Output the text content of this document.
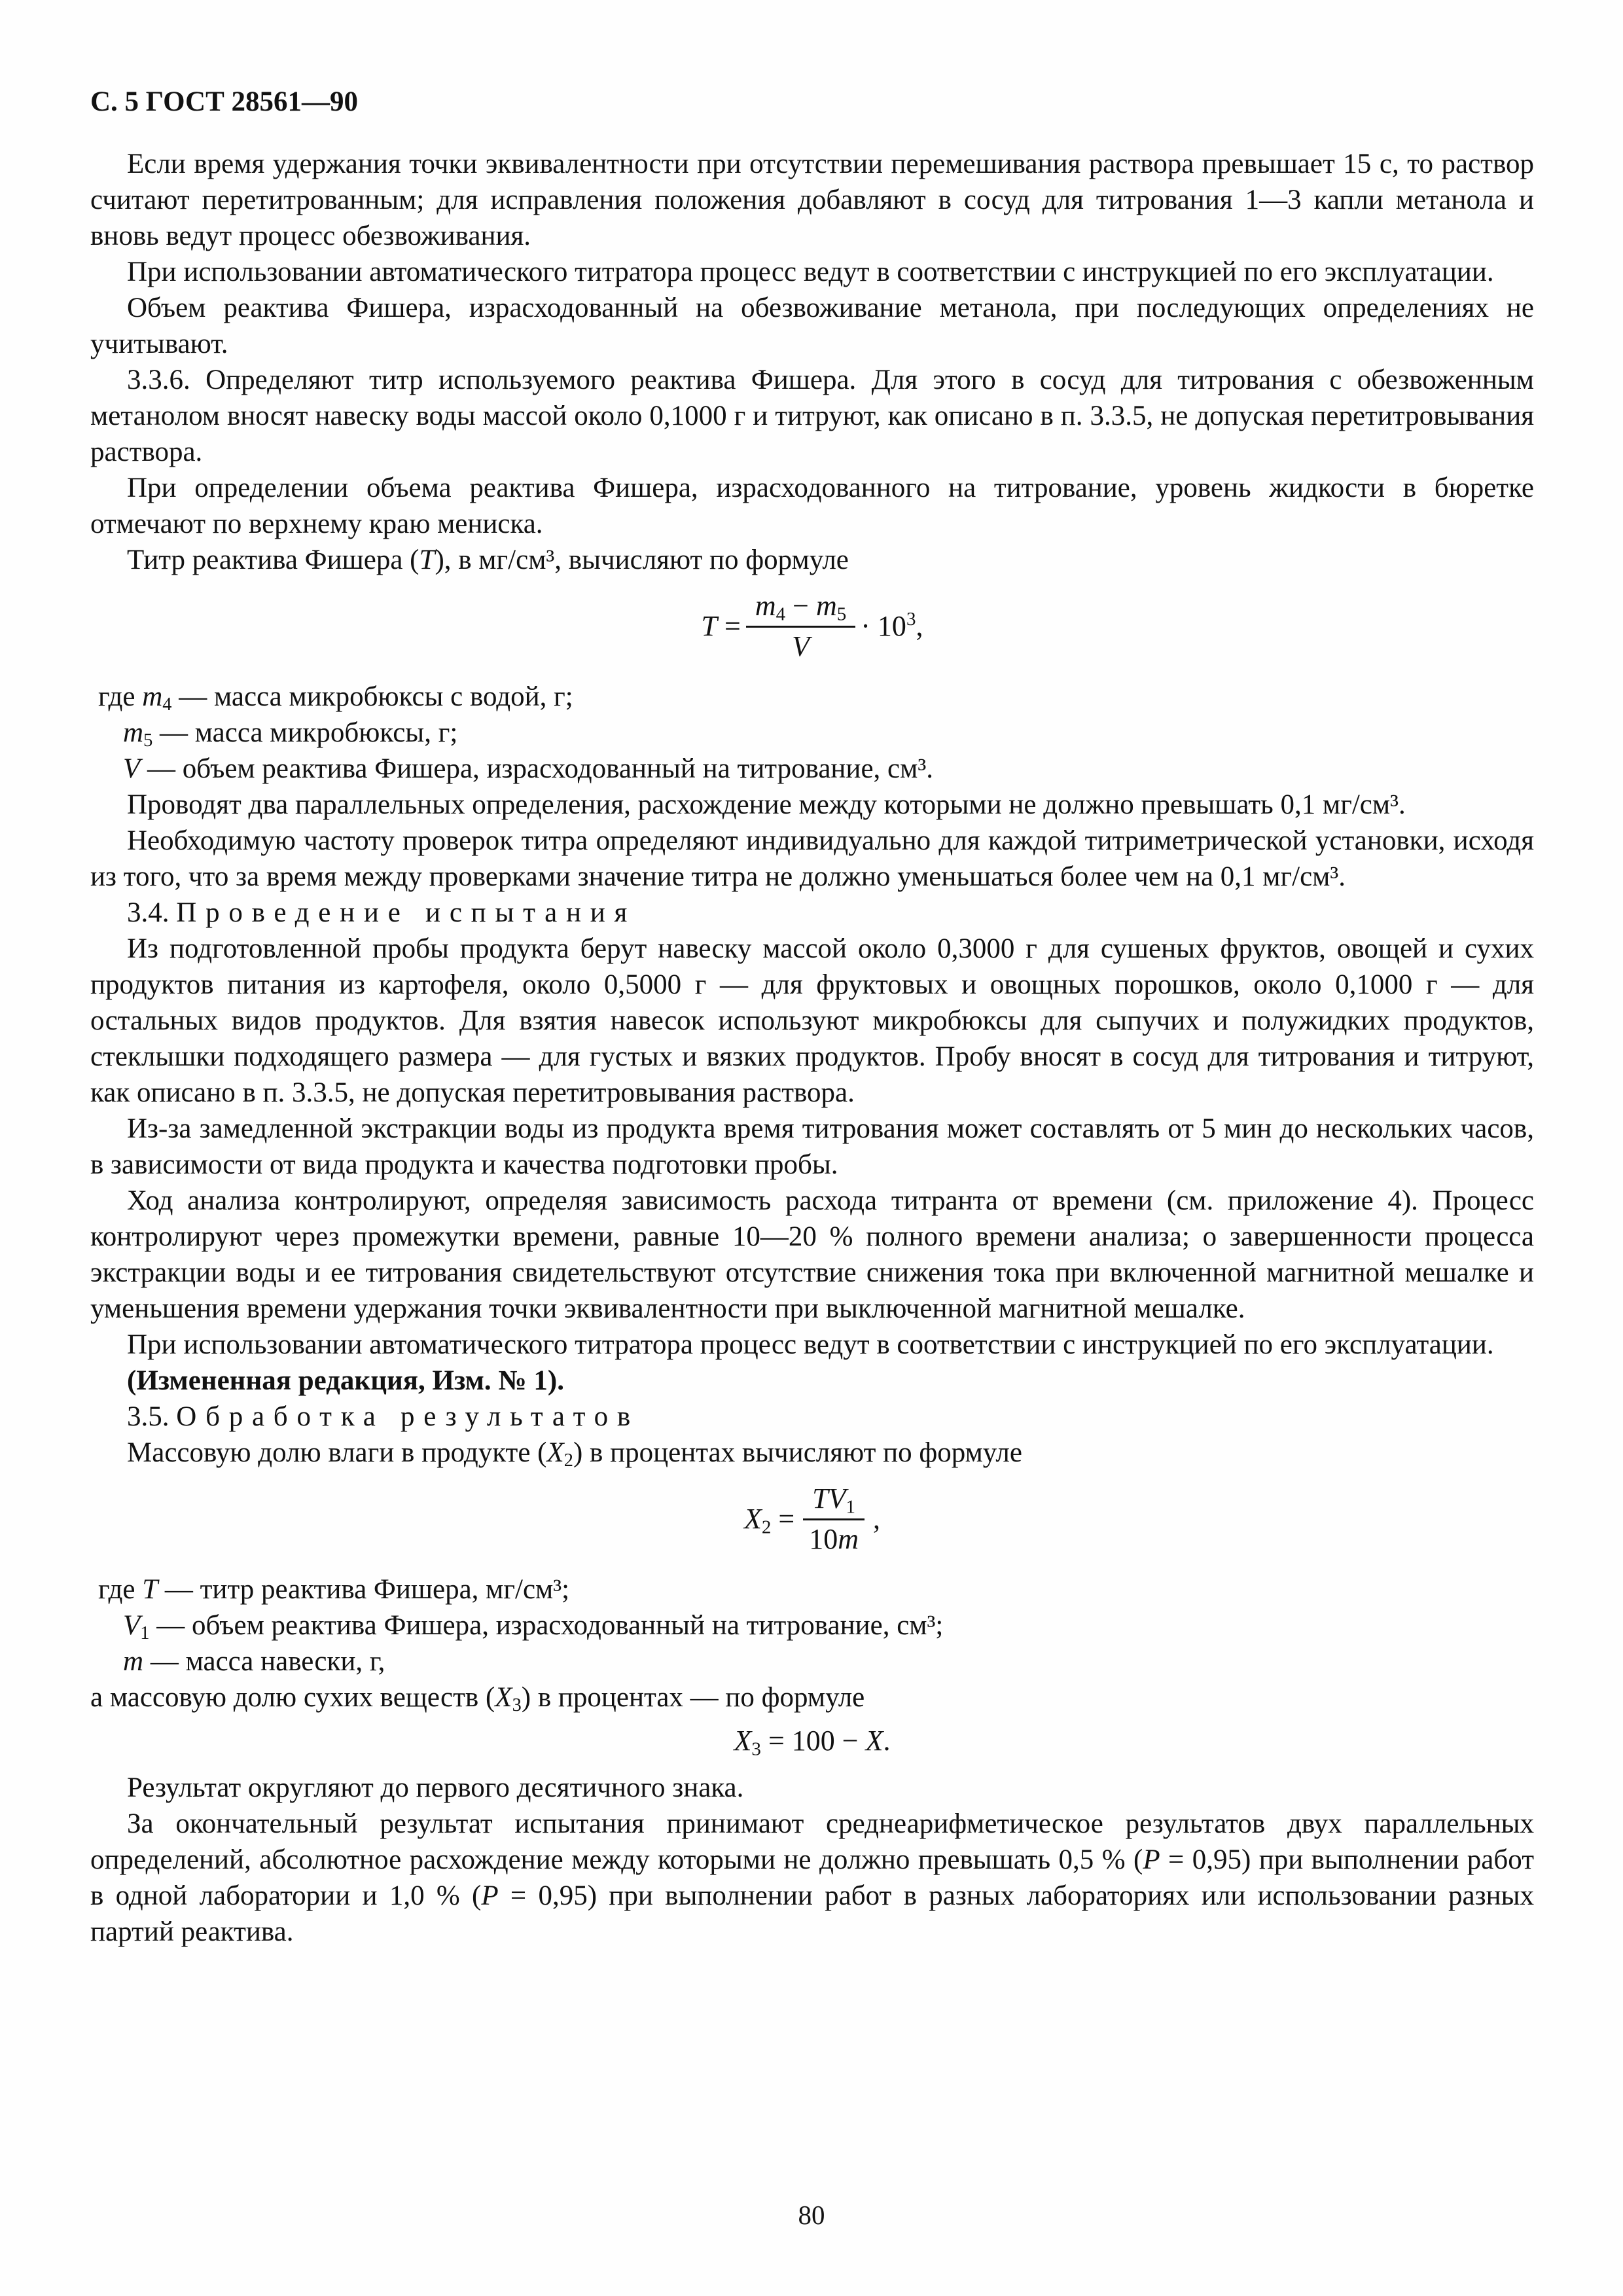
С. 5 ГОСТ 28561—90

Если время удержания точки эквивалентности при отсутствии перемешивания раствора превышает 15 с, то раствор считают перетитрованным; для исправления положения добавляют в сосуд для титрования 1—3 капли метанола и вновь ведут процесс обезвоживания.

При использовании автоматического титратора процесс ведут в соответствии с инструкцией по его эксплуатации.

Объем реактива Фишера, израсходованный на обезвоживание метанола, при последующих определениях не учитывают.

3.3.6. Определяют титр используемого реактива Фишера. Для этого в сосуд для титрования с обезвоженным метанолом вносят навеску воды массой около 0,1000 г и титруют, как описано в п. 3.3.5, не допуская перетитровывания раствора.

При определении объема реактива Фишера, израсходованного на титрование, уровень жидкости в бюретке отмечают по верхнему краю мениска.

Титр реактива Фишера (T), в мг/см³, вычисляют по формуле

$T = \frac{m_4 - m_5}{V} \cdot 10^3$,

где $m_4$ — масса микробюксы с водой, г;

$m_5$ — масса микробюксы, г;

V — объем реактива Фишера, израсходованный на титрование, см³.

Проводят два параллельных определения, расхождение между которыми не должно превышать 0,1 мг/см³.

Необходимую частоту проверок титра определяют индивидуально для каждой титриметрической установки, исходя из того, что за время между проверками значение титра не должно уменьшаться более чем на 0,1 мг/см³.

3.4. Проведение испытания

Из подготовленной пробы продукта берут навеску массой около 0,3000 г для сушеных фруктов, овощей и сухих продуктов питания из картофеля, около 0,5000 г — для фруктовых и овощных порошков, около 0,1000 г — для остальных видов продуктов. Для взятия навесок используют микробюксы для сыпучих и полужидких продуктов, стеклышки подходящего размера — для густых и вязких продуктов. Пробу вносят в сосуд для титрования и титруют, как описано в п. 3.3.5, не допуская перетитровывания раствора.

Из-за замедленной экстракции воды из продукта время титрования может составлять от 5 мин до нескольких часов, в зависимости от вида продукта и качества подготовки пробы.

Ход анализа контролируют, определяя зависимость расхода титранта от времени (см. приложение 4). Процесс контролируют через промежутки времени, равные 10—20 % полного времени анализа; о завершенности процесса экстракции воды и ее титрования свидетельствуют отсутствие снижения тока при включенной магнитной мешалке и уменьшения времени удержания точки эквивалентности при выключенной магнитной мешалке.

При использовании автоматического титратора процесс ведут в соответствии с инструкцией по его эксплуатации.

(Измененная редакция, Изм. № 1).

3.5. Обработка результатов

Массовую долю влаги в продукте $(X_2)$ в процентах вычисляют по формуле

$X_2 = \frac{TV_1}{10m}$ ,

где T — титр реактива Фишера, мг/см³;

$V_1$ — объем реактива Фишера, израсходованный на титрование, см³;

m — масса навески, г,

а массовую долю сухих веществ $(X_3)$ в процентах — по формуле

$X_3 = 100 - X$.

Результат округляют до первого десятичного знака.

За окончательный результат испытания принимают среднеарифметическое результатов двух параллельных определений, абсолютное расхождение между которыми не должно превышать 0,5 % (P = 0,95) при выполнении работ в одной лаборатории и 1,0 % (P = 0,95) при выполнении работ в разных лабораториях или использовании разных партий реактива.

80
